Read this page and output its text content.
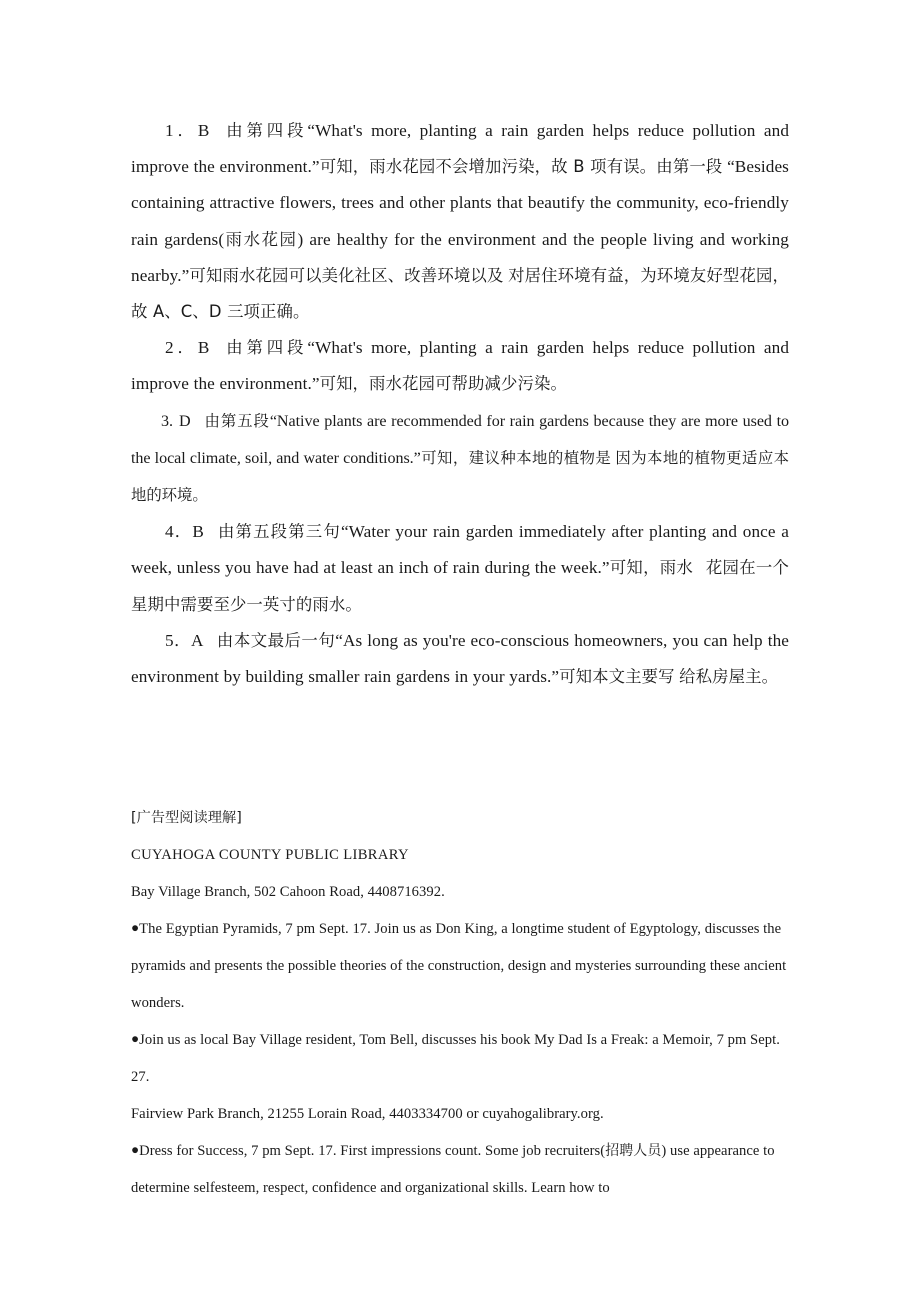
1．B 由第四段“What's more, planting a rain garden helps reduce pollution and improve the environment.”可知，雨水花园不会增加污染，故 B 项有误。由第一段 “Besides containing attractive flowers, trees and other plants that beautify the community, eco-friendly rain gardens(雨水花园) are healthy for the environment and the people living and working nearby.”可知雨水花园可以美化社区、改善环境以及 对居住环境有益，为环境友好型花园，故 A、C、D 三项正确。

2．B 由第四段“What's more, planting a rain garden helps reduce pollution and improve the environment.”可知，雨水花园可帮助减少污染。

3. D 由第五段“Native plants are recommended for rain gardens because they are more used to the local climate, soil, and water conditions.”可知，建议种本地的植物是 因为本地的植物更适应本地的环境。

4．B 由第五段第三句“Water your rain garden immediately after planting and once a week, unless you have had at least an inch of rain during the week.”可知，雨水 花园在一个星期中需要至少一英寸的雨水。

5．A 由本文最后一句“As long as you're eco-conscious homeowners, you can help the environment by building smaller rain gardens in your yards.”可知本文主要写 给私房屋主。

[广告型阅读理解]

CUYAHOGA COUNTY PUBLIC LIBRARY

Bay Village Branch, 502 Cahoon Road, 4408716392.

●The Egyptian Pyramids, 7 pm Sept. 17. Join us as Don King, a longtime student of Egyptology, discusses the pyramids and presents the possible theories of the construction, design and mysteries surrounding these ancient wonders.

●Join us as local Bay Village resident, Tom Bell, discusses his book My Dad Is a Freak: a Memoir, 7 pm Sept. 27.

Fairview Park Branch, 21255 Lorain Road, 4403334700 or cuyahogalibrary.org.

●Dress for Success, 7 pm Sept. 17. First impressions count. Some job recruiters(招聘人员) use appearance to determine selfesteem, respect, confidence and organizational skills. Learn how to
